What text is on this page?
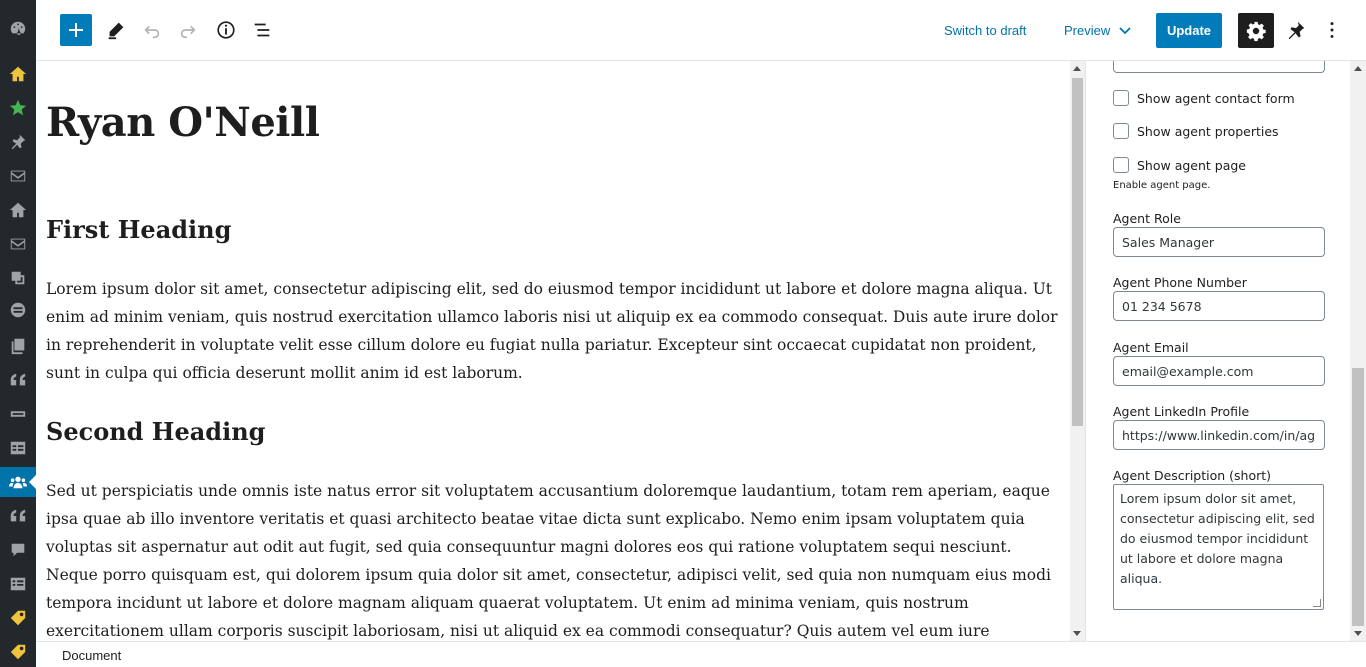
Switch to draft	Preview	Update
Ryan O'Neill
First Heading
Lorem ipsum dolor sit amet, consectetur adipiscing elit, sed do eiusmod tempor incididunt ut labore et dolore magna aliqua. Ut enim ad minim veniam, quis nostrud exercitation ullamco laboris nisi ut aliquip ex ea commodo consequat. Duis aute irure dolor in reprehenderit in voluptate velit esse cillum dolore eu fugiat nulla pariatur. Excepteur sint occaecat cupidatat non proident, sunt in culpa qui officia deserunt mollit anim id est laborum.
Second Heading
Sed ut perspiciatis unde omnis iste natus error sit voluptatem accusantium doloremque laudantium, totam rem aperiam, eaque ipsa quae ab illo inventore veritatis et quasi architecto beatae vitae dicta sunt explicabo. Nemo enim ipsam voluptatem quia voluptas sit aspernatur aut odit aut fugit, sed quia consequuntur magni dolores eos qui ratione voluptatem sequi nesciunt. Neque porro quisquam est, qui dolorem ipsum quia dolor sit amet, consectetur, adipisci velit, sed quia non numquam eius modi tempora incidunt ut labore et dolore magnam aliquam quaerat voluptatem. Ut enim ad minima veniam, quis nostrum exercitationem ullam corporis suscipit laboriosam, nisi ut aliquid ex ea commodi consequatur? Quis autem vel eum iure
Show agent contact form
Show agent properties
Show agent page
Enable agent page.
Agent Role
Sales Manager
Agent Phone Number
01 234 5678
Agent Email
email@example.com
Agent LinkedIn Profile
https://www.linkedin.com/in/ag
Agent Description (short)
Lorem ipsum dolor sit amet, consectetur adipiscing elit, sed do eiusmod tempor incididunt ut labore et dolore magna aliqua.
Document
